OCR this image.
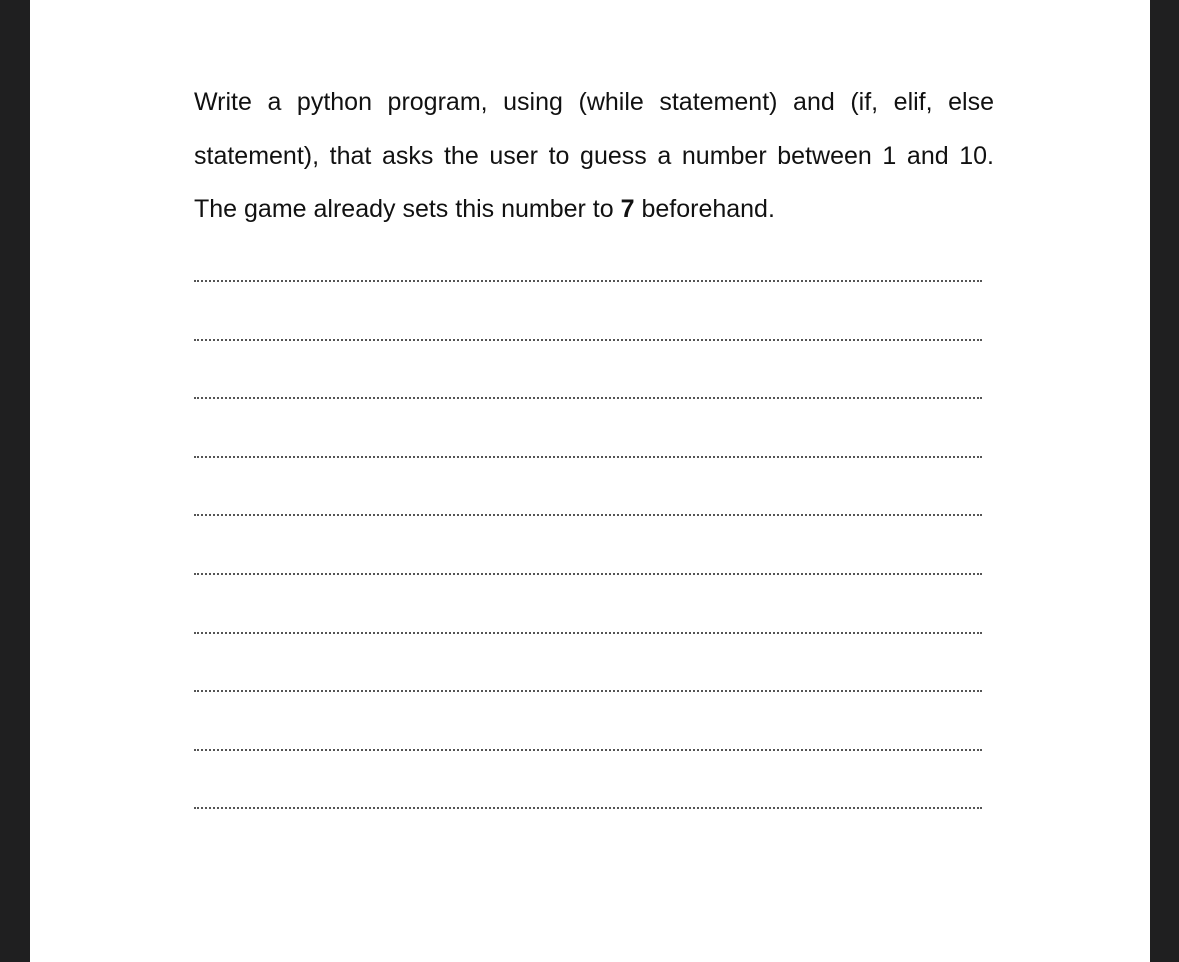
Write a python program, using (while statement) and (if, elif, else statement), that asks the user to guess a number between 1 and 10. The game already sets this number to 7 beforehand.
